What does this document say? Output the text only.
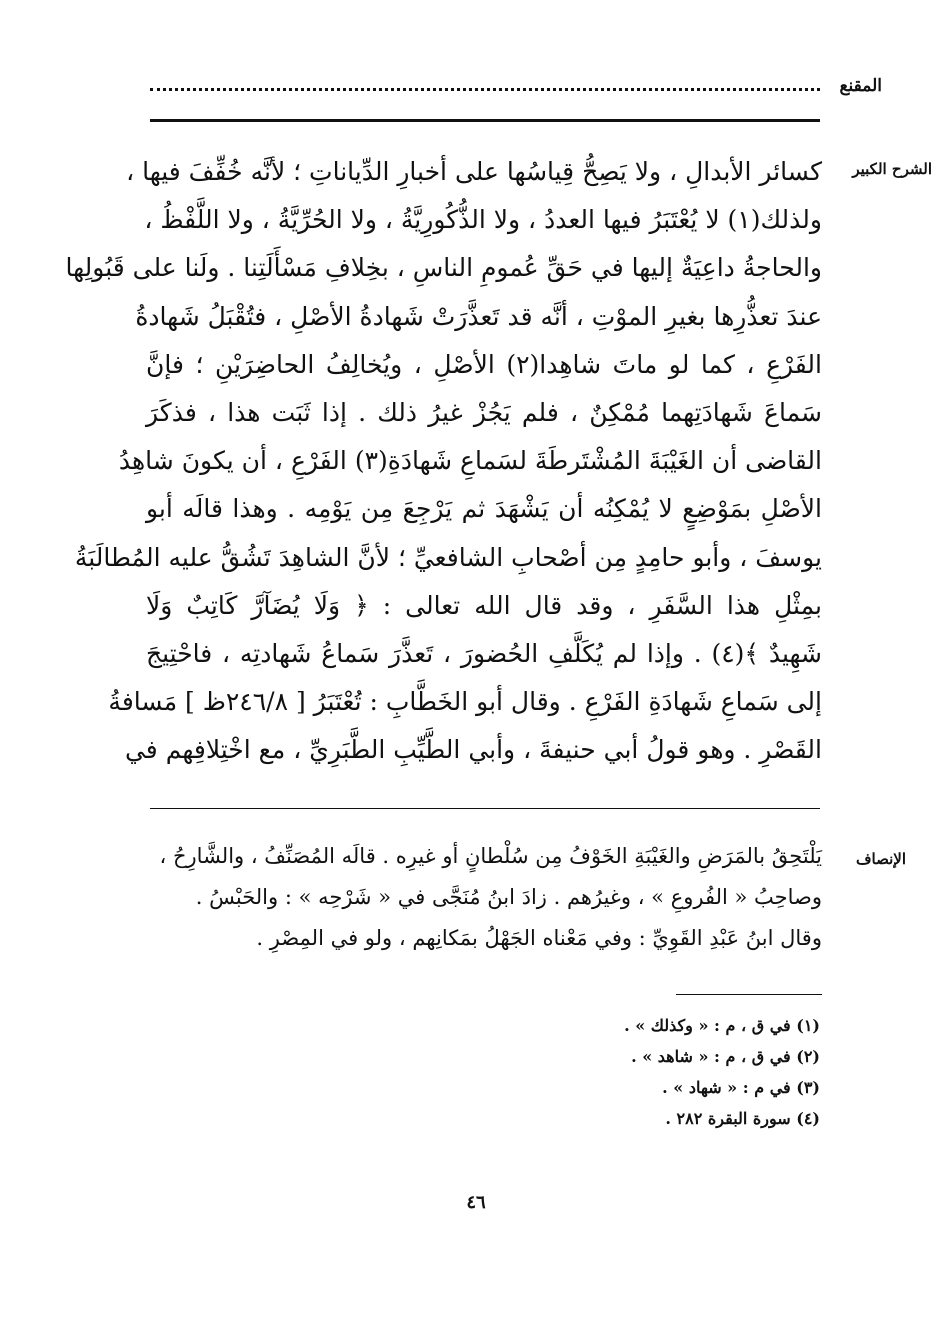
المقنع
الشرح الكبير
كسائر الأبدالِ ، ولا يَصِحُّ قِياسُها على أخبارِ الدِّياناتِ ؛ لأنَّه خُفِّفَ فيها ،
ولذلك(١) لا يُعْتَبَرُ فيها العددُ ، ولا الذُّكُورِيَّةُ ، ولا الحُرِّيَّةُ ، ولا اللَّفْظُ ،
والحاجةُ داعِيَةٌ إليها في حَقِّ عُمومِ الناسِ ، بخِلافِ مَسْأَلَتِنا . ولَنا على قَبُولِها
عندَ تعذُّرِها بغيرِ الموْتِ ، أنَّه قد تَعذَّرَتْ شَهادةُ الأصْلِ ، فتُقْبَلُ شَهادةُ
الفَرْعِ ، كما لو ماتَ شاهِدا(٢) الأصْلِ ، ويُخالِفُ الحاضِرَيْنِ ؛ فإنَّ
سَماعَ شَهادَتِهما مُمْكِنٌ ، فلم يَجُزْ غيرُ ذلك . إذا ثَبَت هذا ، فذكَرَ
القاضى أن الغَيْبَةَ المُشْتَرطَةَ لسَماعِ شَهادَةِ(٣) الفَرْعِ ، أن يكونَ شاهِدُ
الأصْلِ بمَوْضِعٍ لا يُمْكِنُه أن يَشْهَدَ ثم يَرْجِعَ مِن يَوْمِه . وهذا قالَه أبو
يوسفَ ، وأبو حامِدٍ مِن أصْحابِ الشافعيِّ ؛ لأنَّ الشاهِدَ تَشُقُّ عليه المُطالَبَةُ
بمِثْلِ هذا السَّفَرِ ، وقد قال الله تعالى : ﴿ وَلَا يُضَآرَّ كَاتِبٌ وَلَا
شَهِيدٌ ﴾(٤) . وإذا لم يُكَلَّفِ الحُضورَ ، تَعذَّرَ سَماعُ شَهادتِه ، فاحْتِيجَ
إلى سَماعِ شَهادَةِ الفَرْعِ . وقال أبو الخَطَّابِ : تُعْتَبَرُ [ ٢٤٦/٨ظ ] مَسافةُ
القَصْرِ . وهو قولُ أبي حنيفةَ ، وأبي الطَّيِّبِ الطَّبَرِيِّ ، مع اخْتِلافِهم في
الإنصاف
يَلْتَحِقُ بالمَرَضِ والغَيْبَةِ الخَوْفُ مِن سُلْطانٍ أو غيرِه . قالَه المُصَنِّفُ ، والشَّارِحُ ،
وصاحِبُ « الفُروعِ » ، وغيرُهم . زادَ ابنُ مُنَجَّى في « شَرْحِه » : والحَبْسُ .
وقال ابنُ عَبْدِ القَوِيِّ : وفي مَعْناه الجَهْلُ بمَكانِهم ، ولو في المِصْرِ .
(١) في ق ، م : « وكذلك » .
(٢) في ق ، م : « شاهد » .
(٣) في م : « شهاد » .
(٤) سورة البقرة ٢٨٢ .
٤٦
